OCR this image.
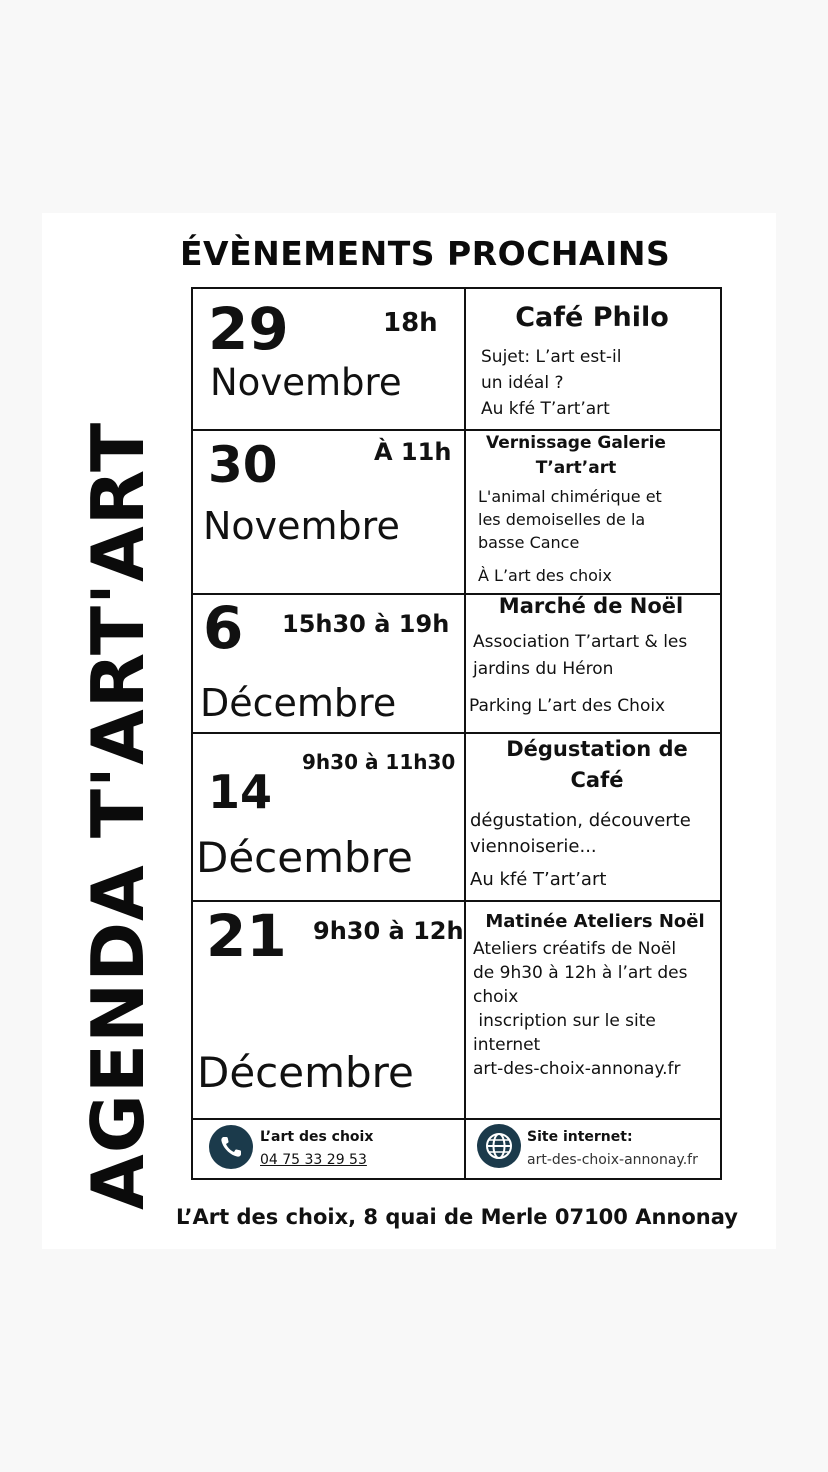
AGENDA T'ART'ART
ÉVÈNEMENTS PROCHAINS
29	18h
Novembre
Café Philo
Sujet: L’art est-il
un idéal ?
Au kfé T’art’art
30	À 11h
Novembre
Vernissage Galerie
T’art’art
L'animal chimérique et
les demoiselles de la
basse Cance
À L’art des choix
6 15h30 à 19h
Décembre
Marché de Noël
Association T’artart & les
jardins du Héron
Parking L’art des Choix
9h30 à 11h30
14
Décembre
Dégustation de
Café
dégustation, découverte
viennoiserie...
Au kfé T’art’art
21 9h30 à 12h
Décembre
Matinée Ateliers Noël
Ateliers créatifs de Noël
de 9h30 à 12h à l’art des
choix
inscription sur le site
internet
art-des-choix-annonay.fr
L’art des choix
04 75 33 29 53
Site internet:
art-des-choix-annonay.fr
L’Art des choix, 8 quai de Merle 07100 Annonay
